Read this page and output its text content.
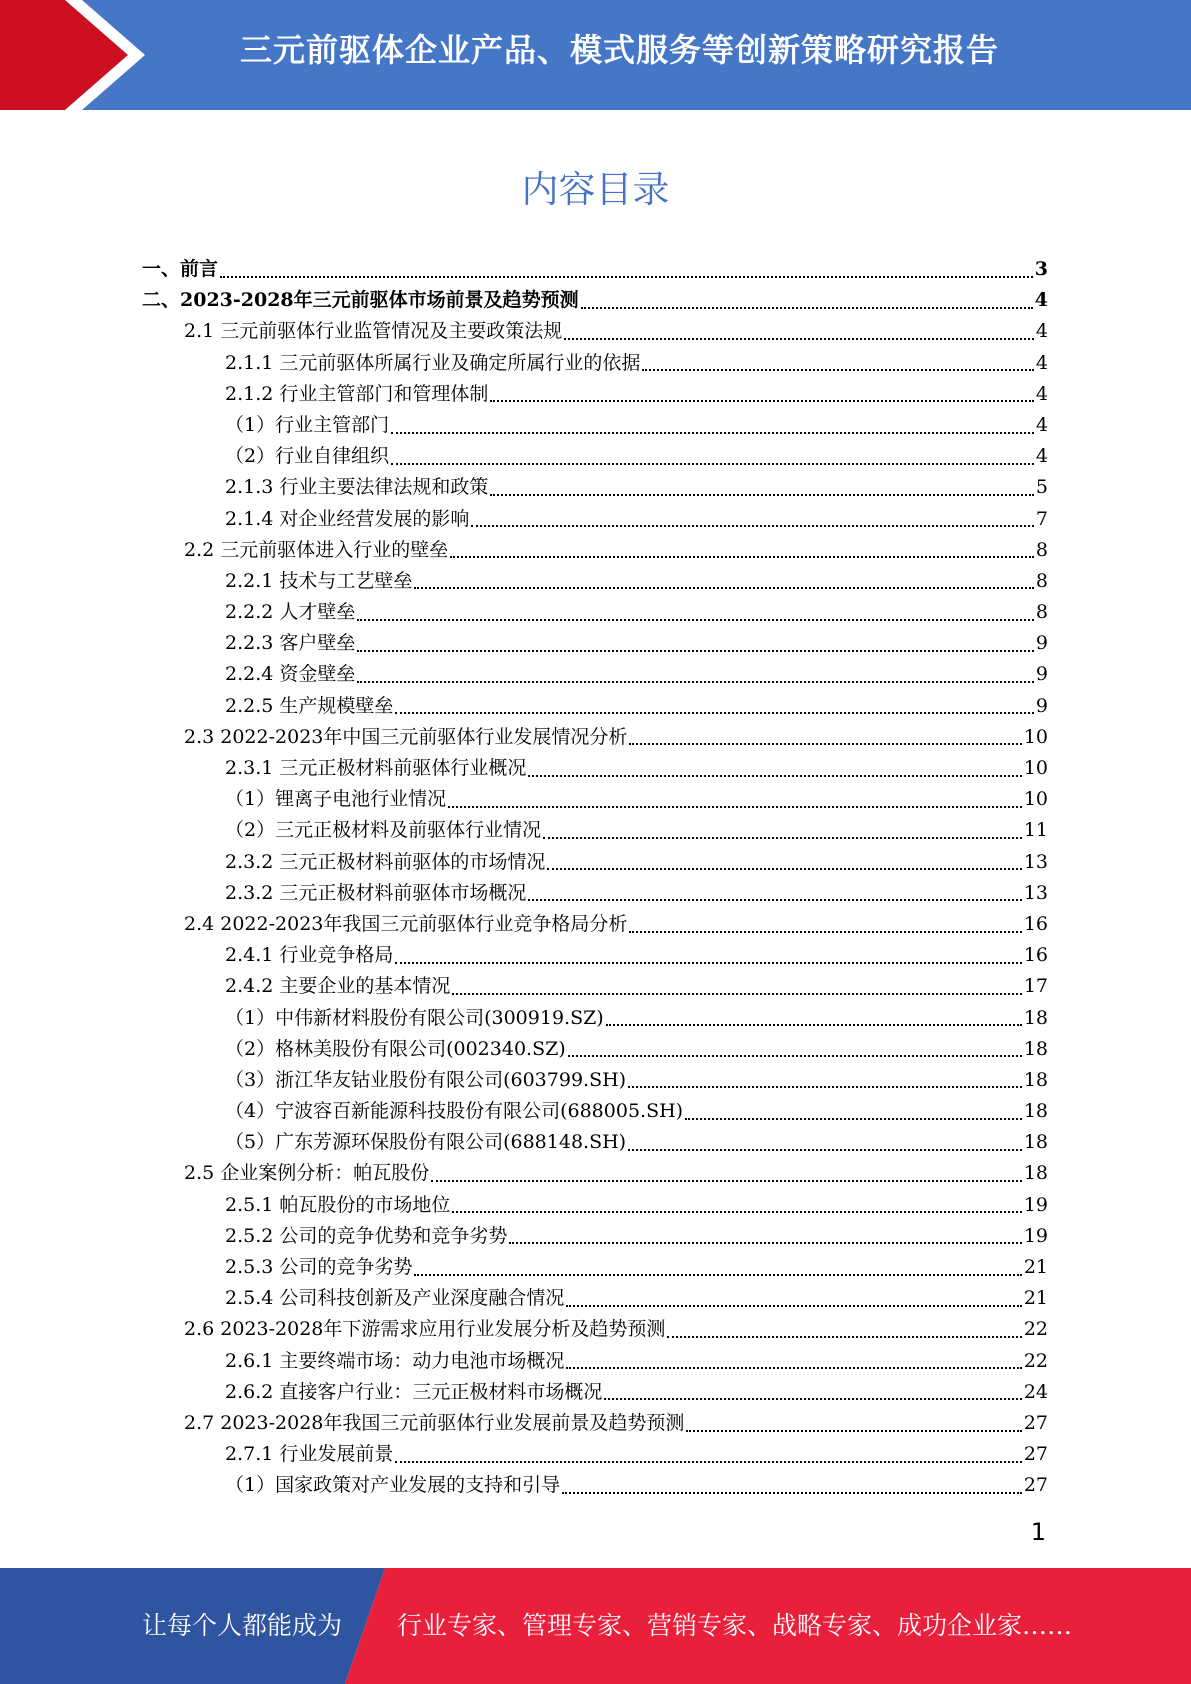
三元前驱体企业产品、模式服务等创新策略研究报告
内容目录
一、前言	3
二、2023-2028年三元前驱体市场前景及趋势预测	4
2.1 三元前驱体行业监管情况及主要政策法规	4
2.1.1 三元前驱体所属行业及确定所属行业的依据	4
2.1.2 行业主管部门和管理体制	4
（1）行业主管部门	4
（2）行业自律组织	4
2.1.3 行业主要法律法规和政策	5
2.1.4 对企业经营发展的影响	7
2.2 三元前驱体进入行业的壁垒	8
2.2.1 技术与工艺壁垒	8
2.2.2 人才壁垒	8
2.2.3 客户壁垒	9
2.2.4 资金壁垒	9
2.2.5 生产规模壁垒	9
2.3 2022-2023年中国三元前驱体行业发展情况分析	10
2.3.1 三元正极材料前驱体行业概况	10
（1）锂离子电池行业情况	10
（2）三元正极材料及前驱体行业情况	11
2.3.2 三元正极材料前驱体的市场情况	13
2.3.2 三元正极材料前驱体市场概况	13
2.4 2022-2023年我国三元前驱体行业竞争格局分析	16
2.4.1 行业竞争格局	16
2.4.2 主要企业的基本情况	17
（1）中伟新材料股份有限公司(300919.SZ)	18
（2）格林美股份有限公司(002340.SZ)	18
（3）浙江华友钴业股份有限公司(603799.SH)	18
（4）宁波容百新能源科技股份有限公司(688005.SH)	18
（5）广东芳源环保股份有限公司(688148.SH)	18
2.5 企业案例分析：帕瓦股份	18
2.5.1 帕瓦股份的市场地位	19
2.5.2 公司的竞争优势和竞争劣势	19
2.5.3 公司的竞争劣势	21
2.5.4 公司科技创新及产业深度融合情况	21
2.6 2023-2028年下游需求应用行业发展分析及趋势预测	22
2.6.1 主要终端市场：动力电池市场概况	22
2.6.2 直接客户行业：三元正极材料市场概况	24
2.7 2023-2028年我国三元前驱体行业发展前景及趋势预测	27
2.7.1 行业发展前景	27
（1）国家政策对产业发展的支持和引导	27
1
让每个人都能成为 行业专家、管理专家、营销专家、战略专家、成功企业家……
